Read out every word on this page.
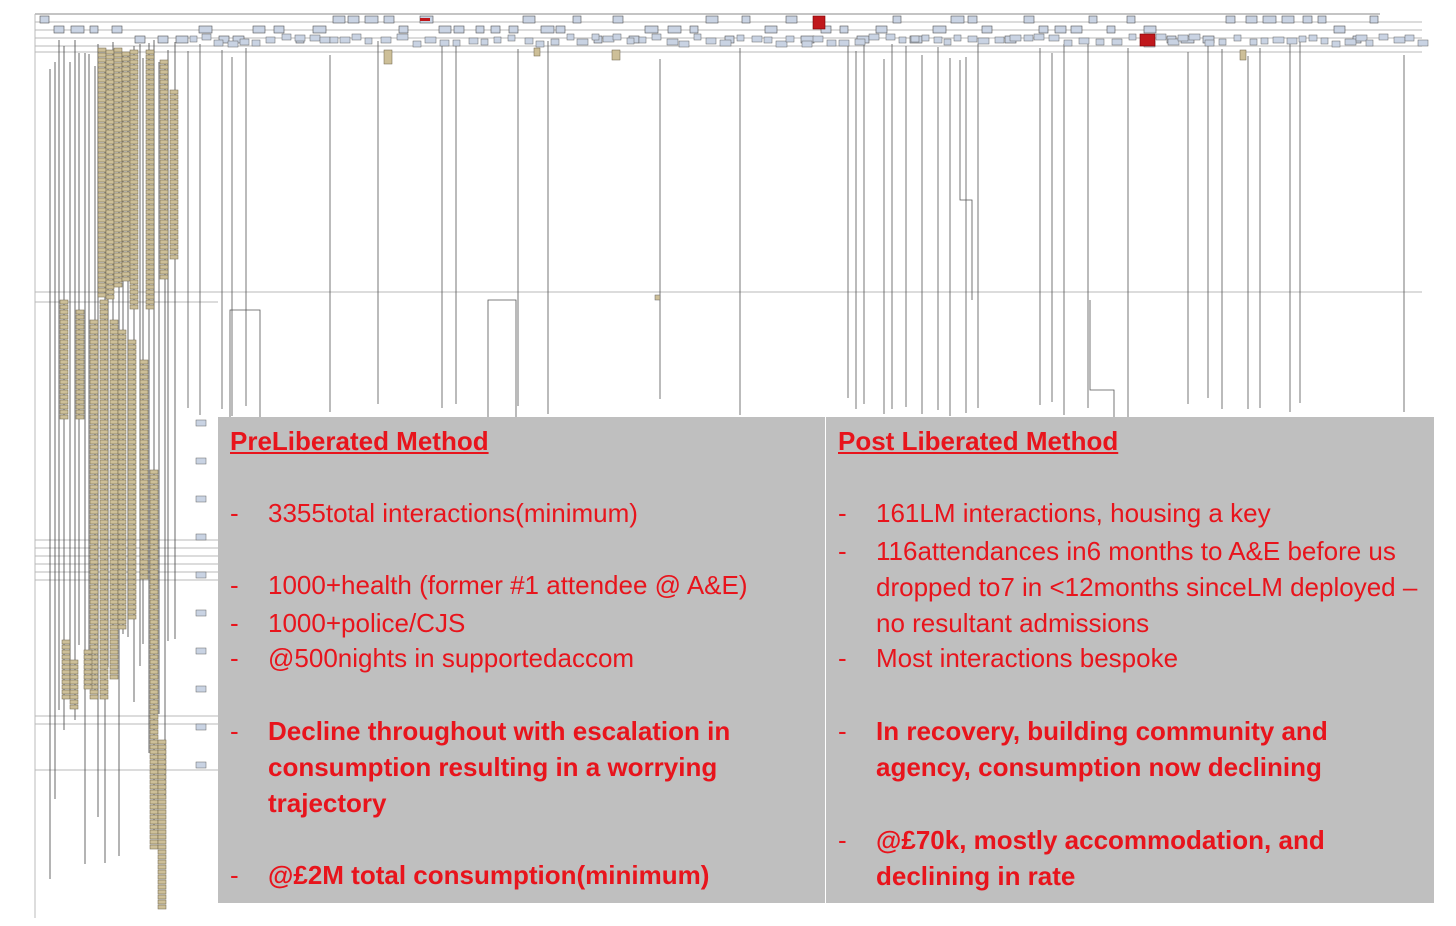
PreLiberated Method
-	3355total interactions(minimum)
-	1000+health (former #1 attendee @ A&E)
-	1000+police/CJS
-	@500nights in supportedaccom
-	Decline throughout with escalation in consumption resulting in a worrying trajectory
-	@£2M total consumption(minimum)
Post Liberated Method
-	161LM interactions, housing a key
-	116attendances in6 months to A&E before us dropped to7 in <12months sinceLM deployed – no resultant admissions
-	Most interactions bespoke
-	In recovery, building community and agency, consumption now declining
-	@£70k, mostly accommodation, and declining in rate
